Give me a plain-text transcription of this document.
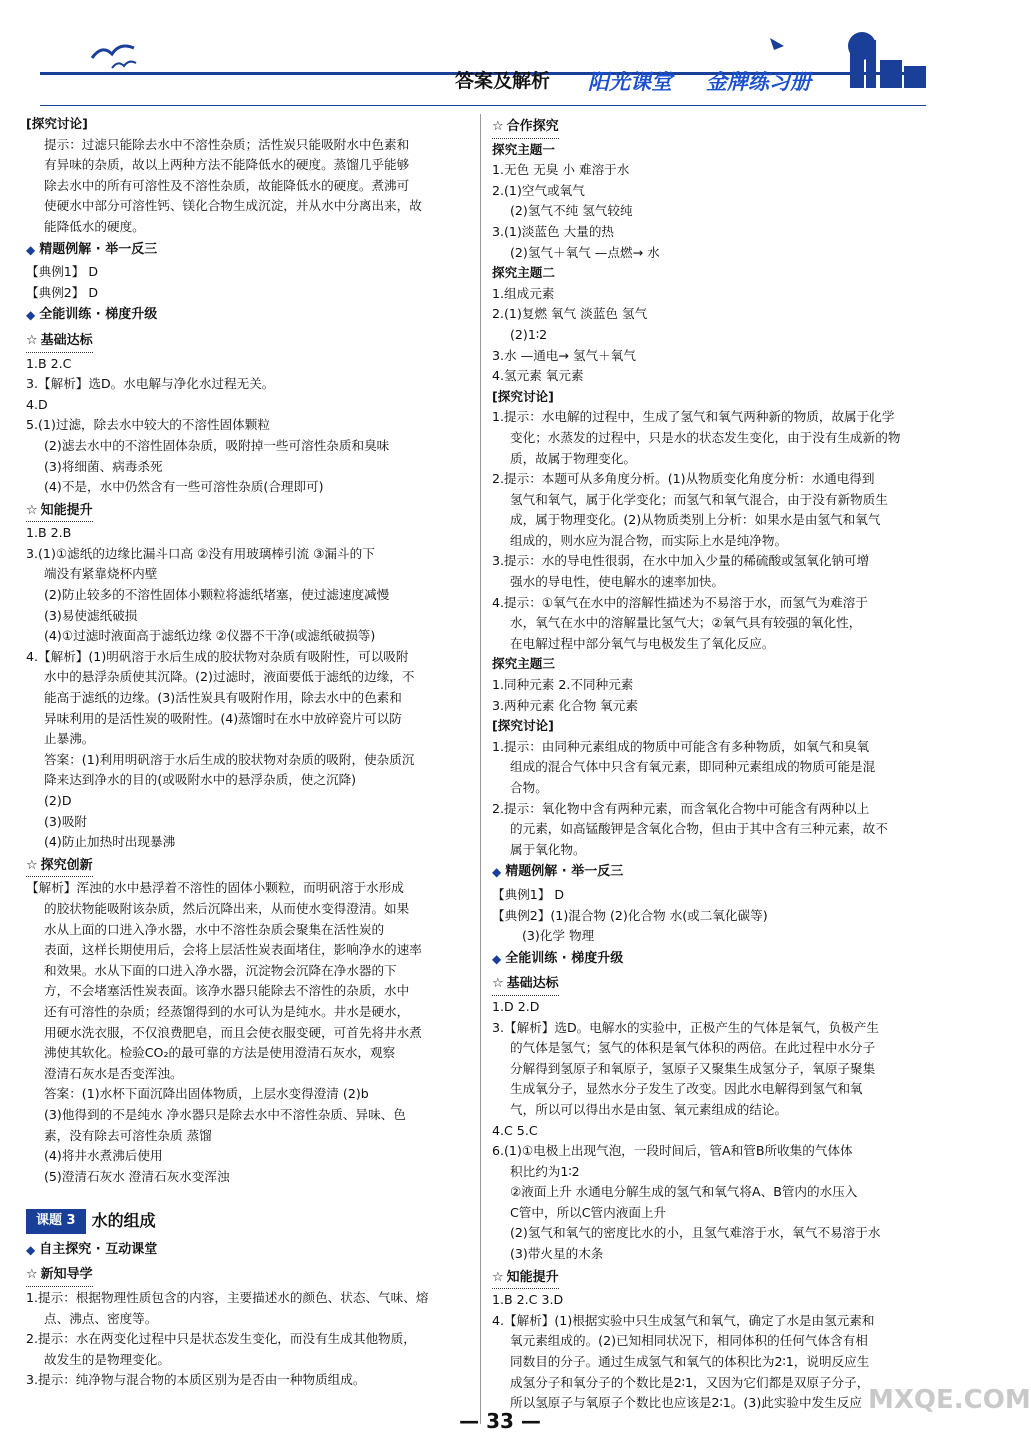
答案及解析 阳光课堂 金牌练习册
[探究讨论]
提示：过滤只能除去水中不溶性杂质；活性炭只能吸附水中色素和
有异味的杂质，故以上两种方法不能降低水的硬度。蒸馏几乎能够
除去水中的所有可溶性及不溶性杂质，故能降低水的硬度。煮沸可
使硬水中部分可溶性钙、镁化合物生成沉淀，并从水中分离出来，故
能降低水的硬度。
◆ 精题例解 · 举一反三
【典例1】 D
【典例2】 D
◆ 全能训练 · 梯度升级
☆ 基础达标
1.B 2.C
3.【解析】选D。水电解与净化水过程无关。
4.D
5.(1)过滤，除去水中较大的不溶性固体颗粒
(2)滤去水中的不溶性固体杂质，吸附掉一些可溶性杂质和臭味
(3)将细菌、病毒杀死
(4)不是，水中仍然含有一些可溶性杂质(合理即可)
☆ 知能提升
1.B 2.B
3.(1)①滤纸的边缘比漏斗口高 ②没有用玻璃棒引流 ③漏斗的下
端没有紧靠烧杯内壁
(2)防止较多的不溶性固体小颗粒将滤纸堵塞，使过滤速度减慢
(3)易使滤纸破损
(4)①过滤时液面高于滤纸边缘 ②仪器不干净(或滤纸破损等)
4.【解析】(1)明矾溶于水后生成的胶状物对杂质有吸附性，可以吸附
水中的悬浮杂质使其沉降。(2)过滤时，液面要低于滤纸的边缘，不
能高于滤纸的边缘。(3)活性炭具有吸附作用，除去水中的色素和
异味利用的是活性炭的吸附性。(4)蒸馏时在水中放碎瓷片可以防
止暴沸。
答案：(1)利用明矾溶于水后生成的胶状物对杂质的吸附，使杂质沉
降来达到净水的目的(或吸附水中的悬浮杂质，使之沉降)
(2)D
(3)吸附
(4)防止加热时出现暴沸
☆ 探究创新
【解析】浑浊的水中悬浮着不溶性的固体小颗粒，而明矾溶于水形成
的胶状物能吸附该杂质，然后沉降出来，从而使水变得澄清。如果
水从上面的口进入净水器，水中不溶性杂质会聚集在活性炭的
表面，这样长期使用后，会将上层活性炭表面堵住，影响净水的速率
和效果。水从下面的口进入净水器，沉淀物会沉降在净水器的下
方，不会堵塞活性炭表面。该净水器只能除去不溶性的杂质，水中
还有可溶性的杂质；经蒸馏得到的水可认为是纯水。井水是硬水，
用硬水洗衣服，不仅浪费肥皂，而且会使衣服变硬，可首先将井水煮
沸使其软化。检验CO₂的最可靠的方法是使用澄清石灰水，观察
澄清石灰水是否变浑浊。
答案：(1)水杯下面沉降出固体物质，上层水变得澄清 (2)b
(3)他得到的不是纯水 净水器只是除去水中不溶性杂质、异味、色
素，没有除去可溶性杂质 蒸馏
(4)将井水煮沸后使用
(5)澄清石灰水 澄清石灰水变浑浊
课题 3	水的组成
◆ 自主探究 · 互动课堂
☆ 新知导学
1.提示：根据物理性质包含的内容，主要描述水的颜色、状态、气味、熔
点、沸点、密度等。
2.提示：水在两变化过程中只是状态发生变化，而没有生成其他物质，
故发生的是物理变化。
3.提示：纯净物与混合物的本质区别为是否由一种物质组成。
☆ 合作探究
探究主题一
1.无色 无臭 小 难溶于水
2.(1)空气或氧气
(2)氢气不纯 氢气较纯
3.(1)淡蓝色 大量的热
(2)氢气＋氧气 —点燃→ 水
探究主题二
1.组成元素
2.(1)复燃 氧气 淡蓝色 氢气
(2)1∶2
3.水 —通电→ 氢气＋氧气
4.氢元素 氧元素
[探究讨论]
1.提示：水电解的过程中，生成了氢气和氧气两种新的物质，故属于化学
变化；水蒸发的过程中，只是水的状态发生变化，由于没有生成新的物
质，故属于物理变化。
2.提示：本题可从多角度分析。(1)从物质变化角度分析：水通电得到
氢气和氧气，属于化学变化；而氢气和氧气混合，由于没有新物质生
成，属于物理变化。(2)从物质类别上分析：如果水是由氢气和氧气
组成的，则水应为混合物，而实际上水是纯净物。
3.提示：水的导电性很弱，在水中加入少量的稀硫酸或氢氧化钠可增
强水的导电性，使电解水的速率加快。
4.提示：①氧气在水中的溶解性描述为不易溶于水，而氢气为难溶于
水，氧气在水中的溶解量比氢气大；②氧气具有较强的氧化性，
在电解过程中部分氧气与电极发生了氧化反应。
探究主题三
1.同种元素 2.不同种元素
3.两种元素 化合物 氧元素
[探究讨论]
1.提示：由同种元素组成的物质中可能含有多种物质，如氧气和臭氧
组成的混合气体中只含有氧元素，即同种元素组成的物质可能是混
合物。
2.提示：氧化物中含有两种元素，而含氧化合物中可能含有两种以上
的元素，如高锰酸钾是含氧化合物，但由于其中含有三种元素，故不
属于氧化物。
◆ 精题例解 · 举一反三
【典例1】 D
【典例2】(1)混合物 (2)化合物 水(或二氧化碳等)
(3)化学 物理
◆ 全能训练 · 梯度升级
☆ 基础达标
1.D 2.D
3.【解析】选D。电解水的实验中，正极产生的气体是氧气，负极产生
的气体是氢气；氢气的体积是氧气体积的两倍。在此过程中水分子
分解得到氢原子和氧原子，氢原子又聚集生成氢分子，氧原子聚集
生成氧分子，显然水分子发生了改变。因此水电解得到氢气和氧
气，所以可以得出水是由氢、氧元素组成的结论。
4.C 5.C
6.(1)①电极上出现气泡，一段时间后，管A和管B所收集的气体体
积比约为1∶2
②液面上升 水通电分解生成的氢气和氧气将A、B管内的水压入
C管中，所以C管内液面上升
(2)氢气和氧气的密度比水的小，且氢气难溶于水，氧气不易溶于水
(3)带火星的木条
☆ 知能提升
1.B 2.C 3.D
4.【解析】(1)根据实验中只生成氢气和氧气，确定了水是由氢元素和
氧元素组成的。(2)已知相同状况下，相同体积的任何气体含有相
同数目的分子。通过生成氢气和氧气的体积比为2∶1，说明反应生
成氢分子和氧分子的个数比是2∶1，又因为它们都是双原子分子，
所以氢原子与氧原子个数比也应该是2∶1。(3)此实验中发生反应
— 33 —
MXQE.COM
